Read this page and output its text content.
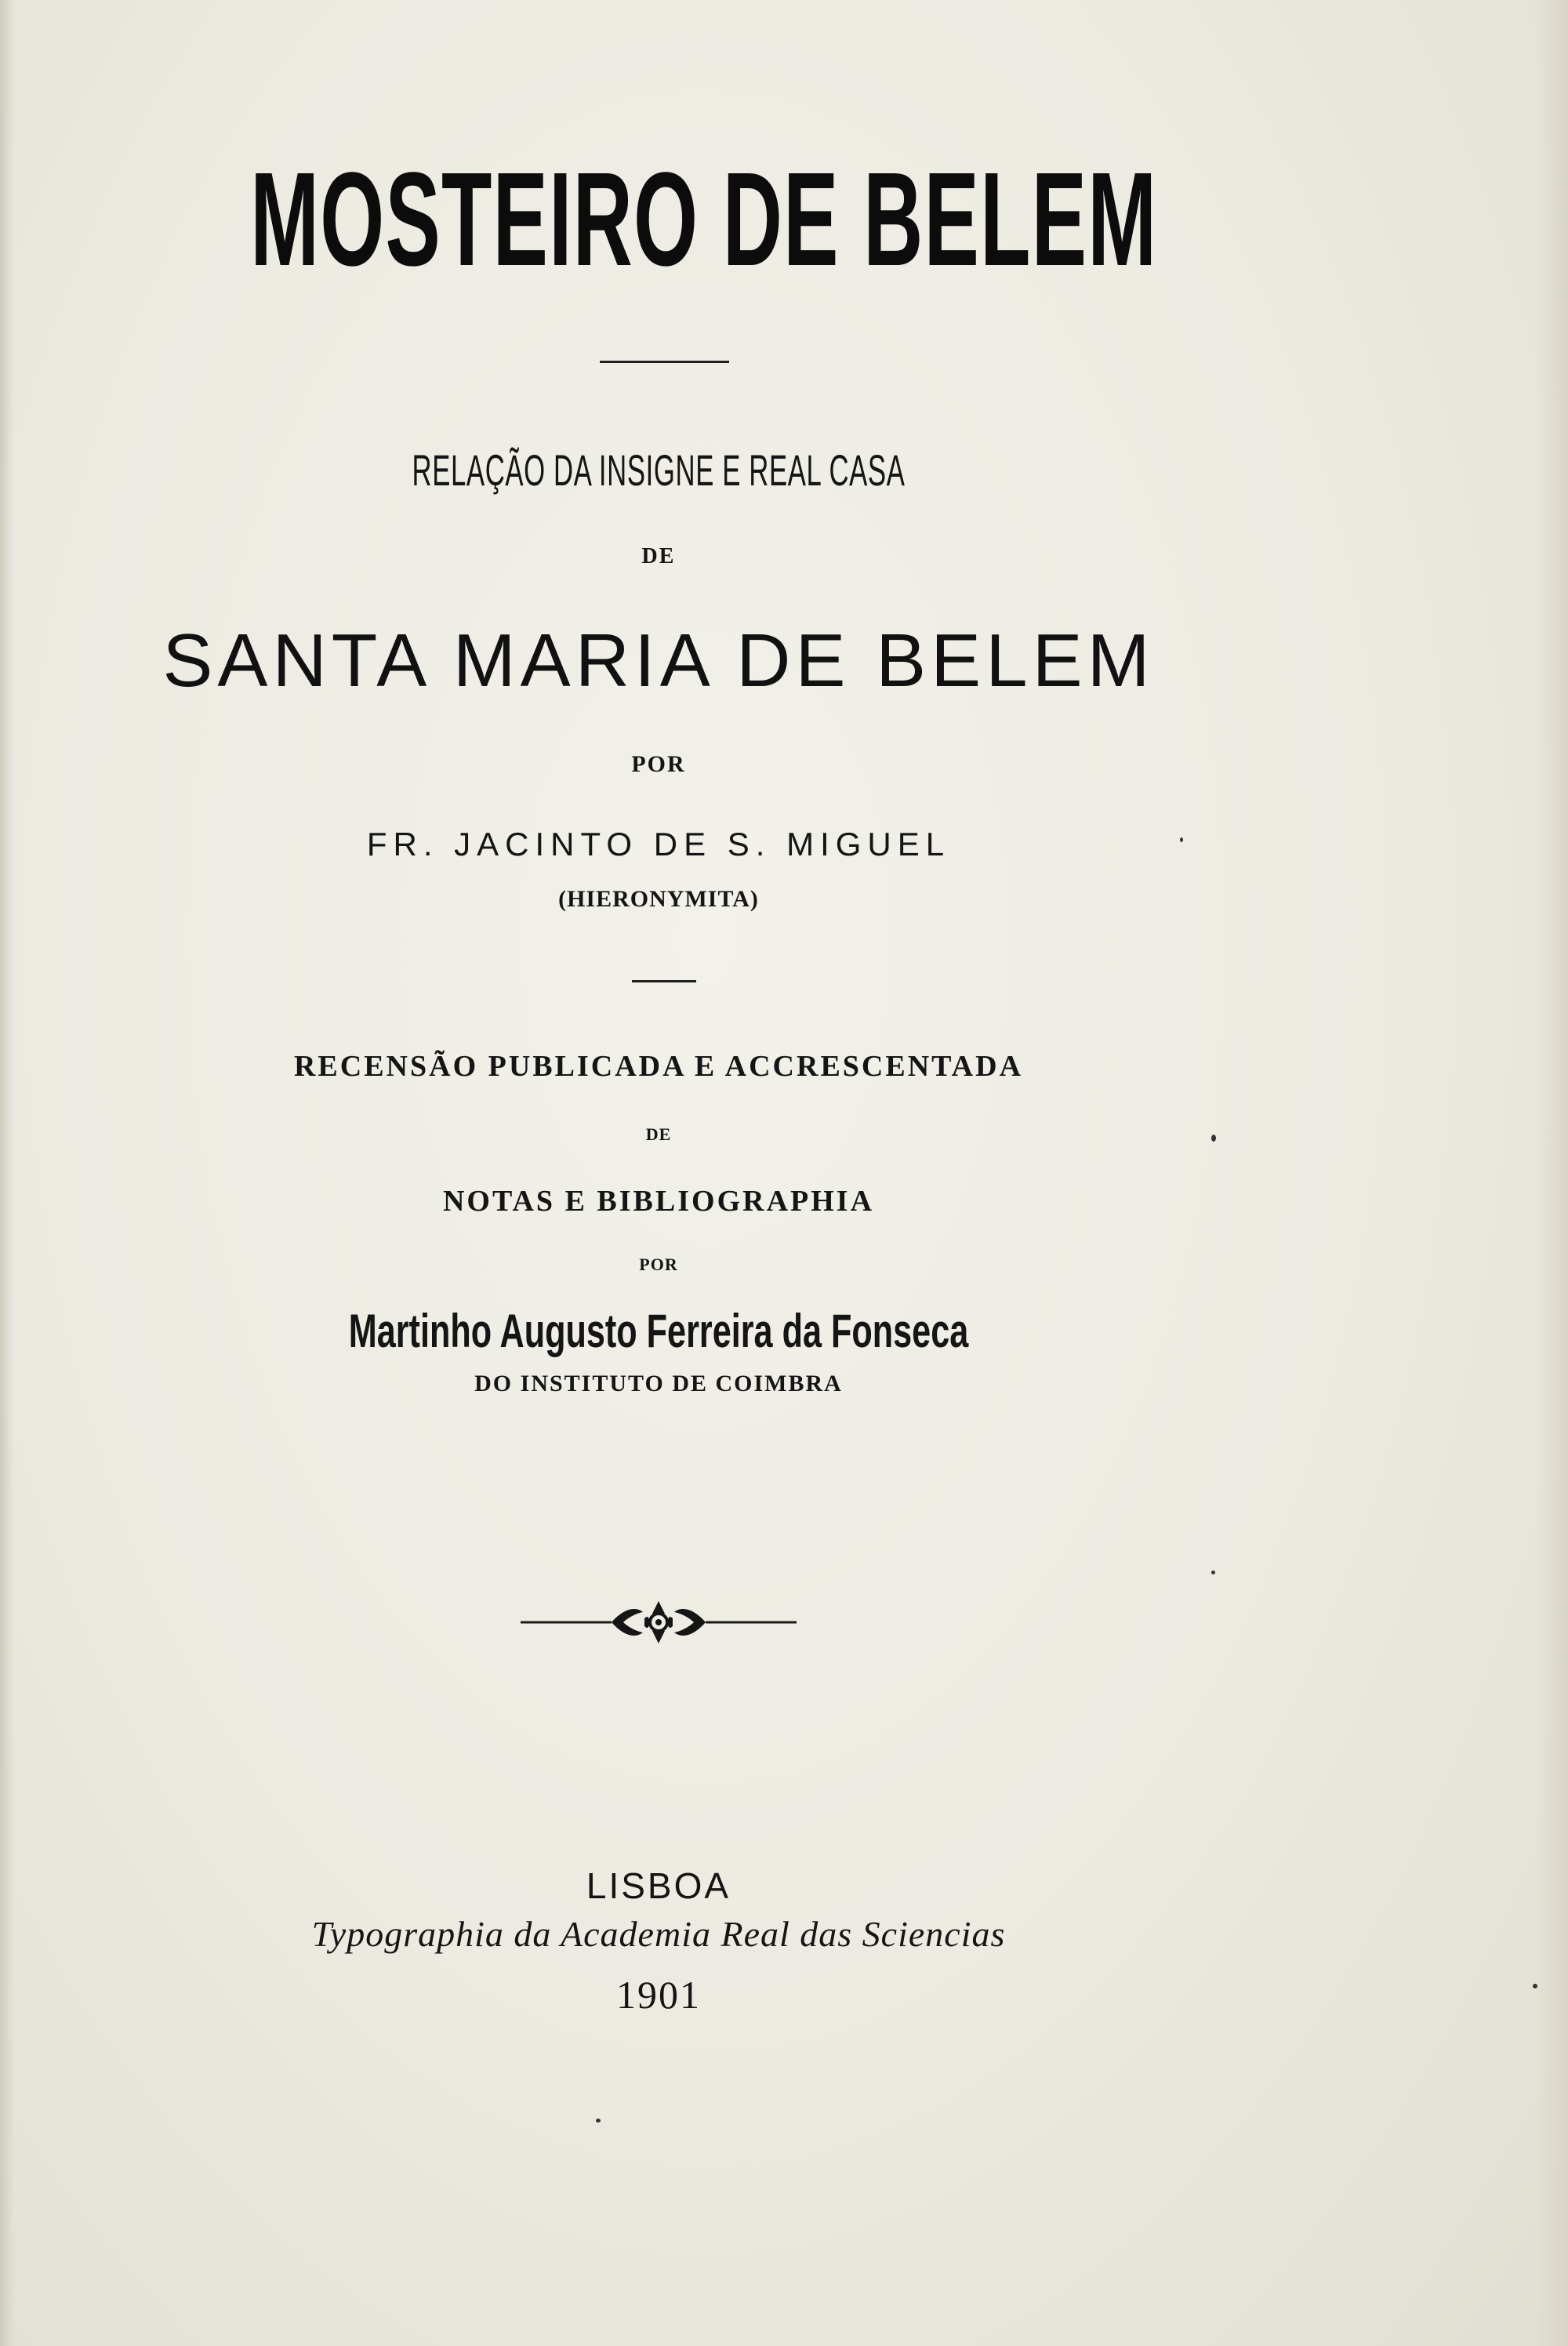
MOSTEIRO DE BELEM
RELAÇÃO DA INSIGNE E REAL CASA
DE
SANTA MARIA DE BELEM
POR
FR. JACINTO DE S. MIGUEL
(HIERONYMITA)
RECENSÃO PUBLICADA E ACCRESCENTADA
DE
NOTAS E BIBLIOGRAPHIA
POR
Martinho Augusto Ferreira da Fonseca
DO INSTITUTO DE COIMBRA
LISBOA
Typographia da Academia Real das Sciencias
1901
